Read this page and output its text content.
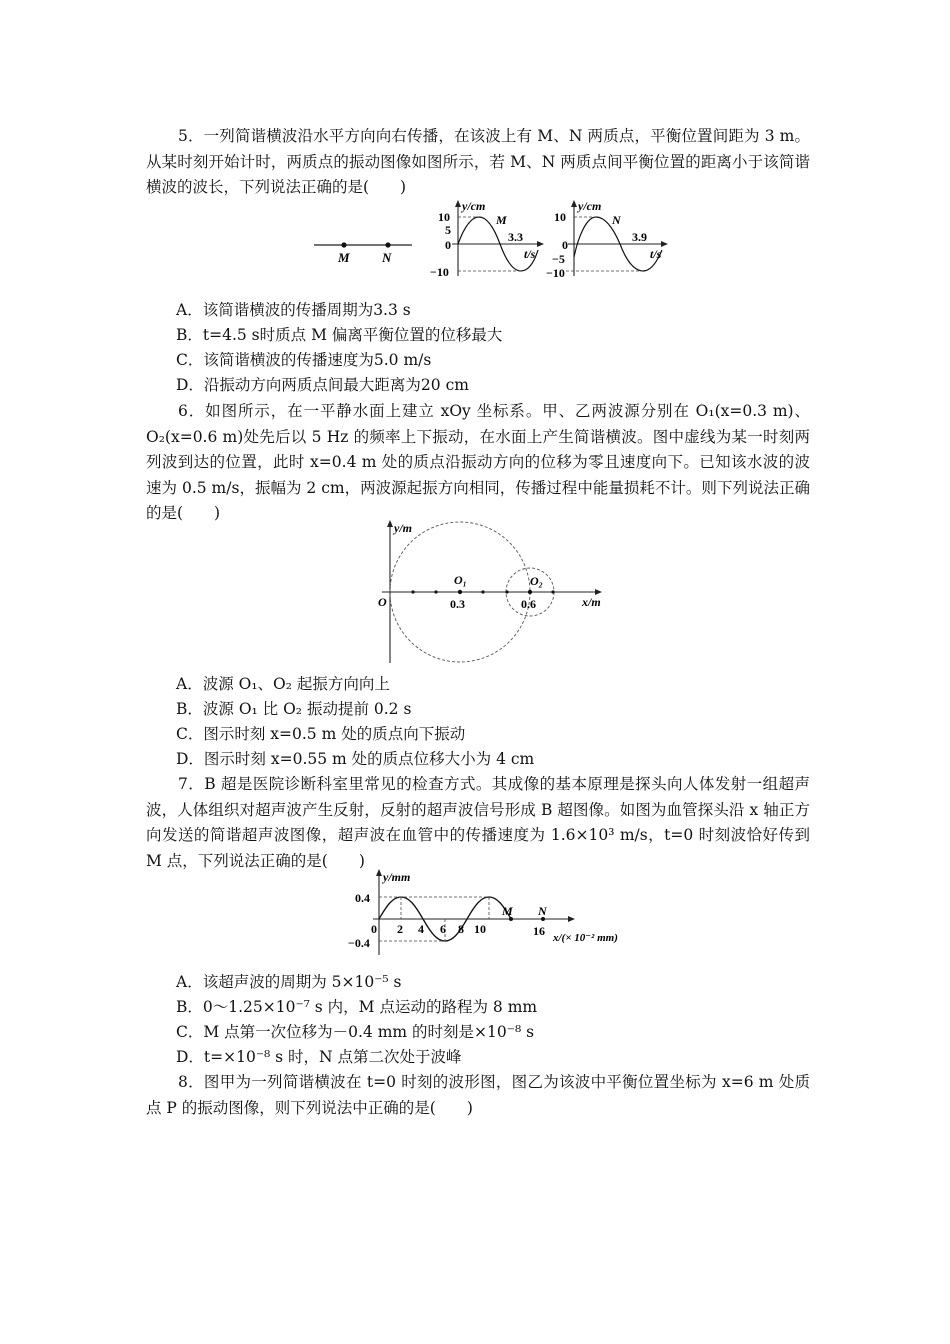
5．一列简谐横波沿水平方向向右传播，在该波上有 M、N 两质点，平衡位置间距为 3 m。从某时刻开始计时，两质点的振动图像如图所示，若 M、N 两质点间平衡位置的距离小于该简谐横波的波长，下列说法正确的是(　　)
M N
y/cm
M
10
5
0
−10
3.3
t/s
y/cm
N
10
0
−5
−10
3.9
t/s
A．该简谐横波的传播周期为3.3 s
B．t=4.5 s时质点 M 偏离平衡位置的位移最大
C．该简谐横波的传播速度为5.0 m/s
D．沿振动方向两质点间最大距离为20 cm
6．如图所示，在一平静水面上建立 xOy 坐标系。甲、乙两波源分别在 O₁(x=0.3 m)、O₂(x=0.6 m)处先后以 5 Hz 的频率上下振动，在水面上产生简谐横波。图中虚线为某一时刻两列波到达的位置，此时 x=0.4 m 处的质点沿振动方向的位移为零且速度向下。已知该水波的波速为 0.5 m/s，振幅为 2 cm，两波源起振方向相同，传播过程中能量损耗不计。则下列说法正确的是(　　)
y/m
O
O₁	O₂
0.3	0.6	x/m
A．波源 O₁、O₂ 起振方向向上
B．波源 O₁ 比 O₂ 振动提前 0.2 s
C．图示时刻 x=0.5 m 处的质点向下振动
D．图示时刻 x=0.55 m 处的质点位移大小为 4 cm
7．B 超是医院诊断科室里常见的检查方式。其成像的基本原理是探头向人体发射一组超声波，人体组织对超声波产生反射，反射的超声波信号形成 B 超图像。如图为血管探头沿 x 轴正方向发送的简谐超声波图像，超声波在血管中的传播速度为 1.6×10³ m/s，t=0 时刻波恰好传到 M 点，下列说法正确的是(　　)
y/mm
0.4
−0.4
0 2 4 6 8 10	16
M N
x/(× 10⁻² mm)
A．该超声波的周期为 5×10⁻⁵ s
B．0～1.25×10⁻⁷ s 内，M 点运动的路程为 8 mm
C．M 点第一次位移为－0.4 mm 的时刻是×10⁻⁸ s
D．t=×10⁻⁸ s 时，N 点第二次处于波峰
8．图甲为一列简谐横波在 t=0 时刻的波形图，图乙为该波中平衡位置坐标为 x=6 m 处质点 P 的振动图像，则下列说法中正确的是(　　)
